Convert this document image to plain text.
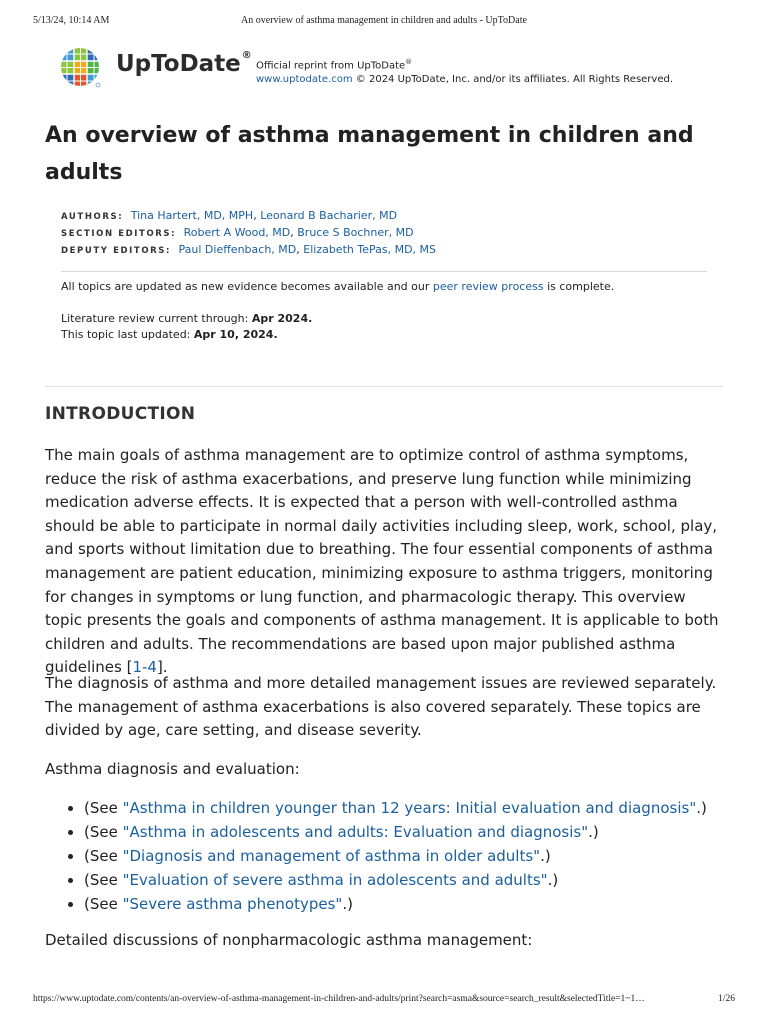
5/13/24, 10:14 AM	An overview of asthma management in children and adults - UpToDate
UpToDate®
Official reprint from UpToDate®
www.uptodate.com © 2024 UpToDate, Inc. and/or its affiliates. All Rights Reserved.
An overview of asthma management in children and adults
AUTHORS: Tina Hartert, MD, MPH, Leonard B Bacharier, MD
SECTION EDITORS: Robert A Wood, MD, Bruce S Bochner, MD
DEPUTY EDITORS: Paul Dieffenbach, MD, Elizabeth TePas, MD, MS
All topics are updated as new evidence becomes available and our peer review process is complete.
Literature review current through: Apr 2024.
This topic last updated: Apr 10, 2024.
INTRODUCTION

The main goals of asthma management are to optimize control of asthma symptoms, reduce the risk of asthma exacerbations, and preserve lung function while minimizing medication adverse effects. It is expected that a person with well-controlled asthma should be able to participate in normal daily activities including sleep, work, school, play, and sports without limitation due to breathing. The four essential components of asthma management are patient education, minimizing exposure to asthma triggers, monitoring for changes in symptoms or lung function, and pharmacologic therapy. This overview topic presents the goals and components of asthma management. It is applicable to both children and adults. The recommendations are based upon major published asthma guidelines [1-4].

The diagnosis of asthma and more detailed management issues are reviewed separately. The management of asthma exacerbations is also covered separately. These topics are divided by age, care setting, and disease severity.

Asthma diagnosis and evaluation:

• (See "Asthma in children younger than 12 years: Initial evaluation and diagnosis".)
• (See "Asthma in adolescents and adults: Evaluation and diagnosis".)
• (See "Diagnosis and management of asthma in older adults".)
• (See "Evaluation of severe asthma in adolescents and adults".)
• (See "Severe asthma phenotypes".)

Detailed discussions of nonpharmacologic asthma management:

https://www.uptodate.com/contents/an-overview-of-asthma-management-in-children-and-adults/print?search=asma&source=search_result&selectedTitle=1~1…	1/26
